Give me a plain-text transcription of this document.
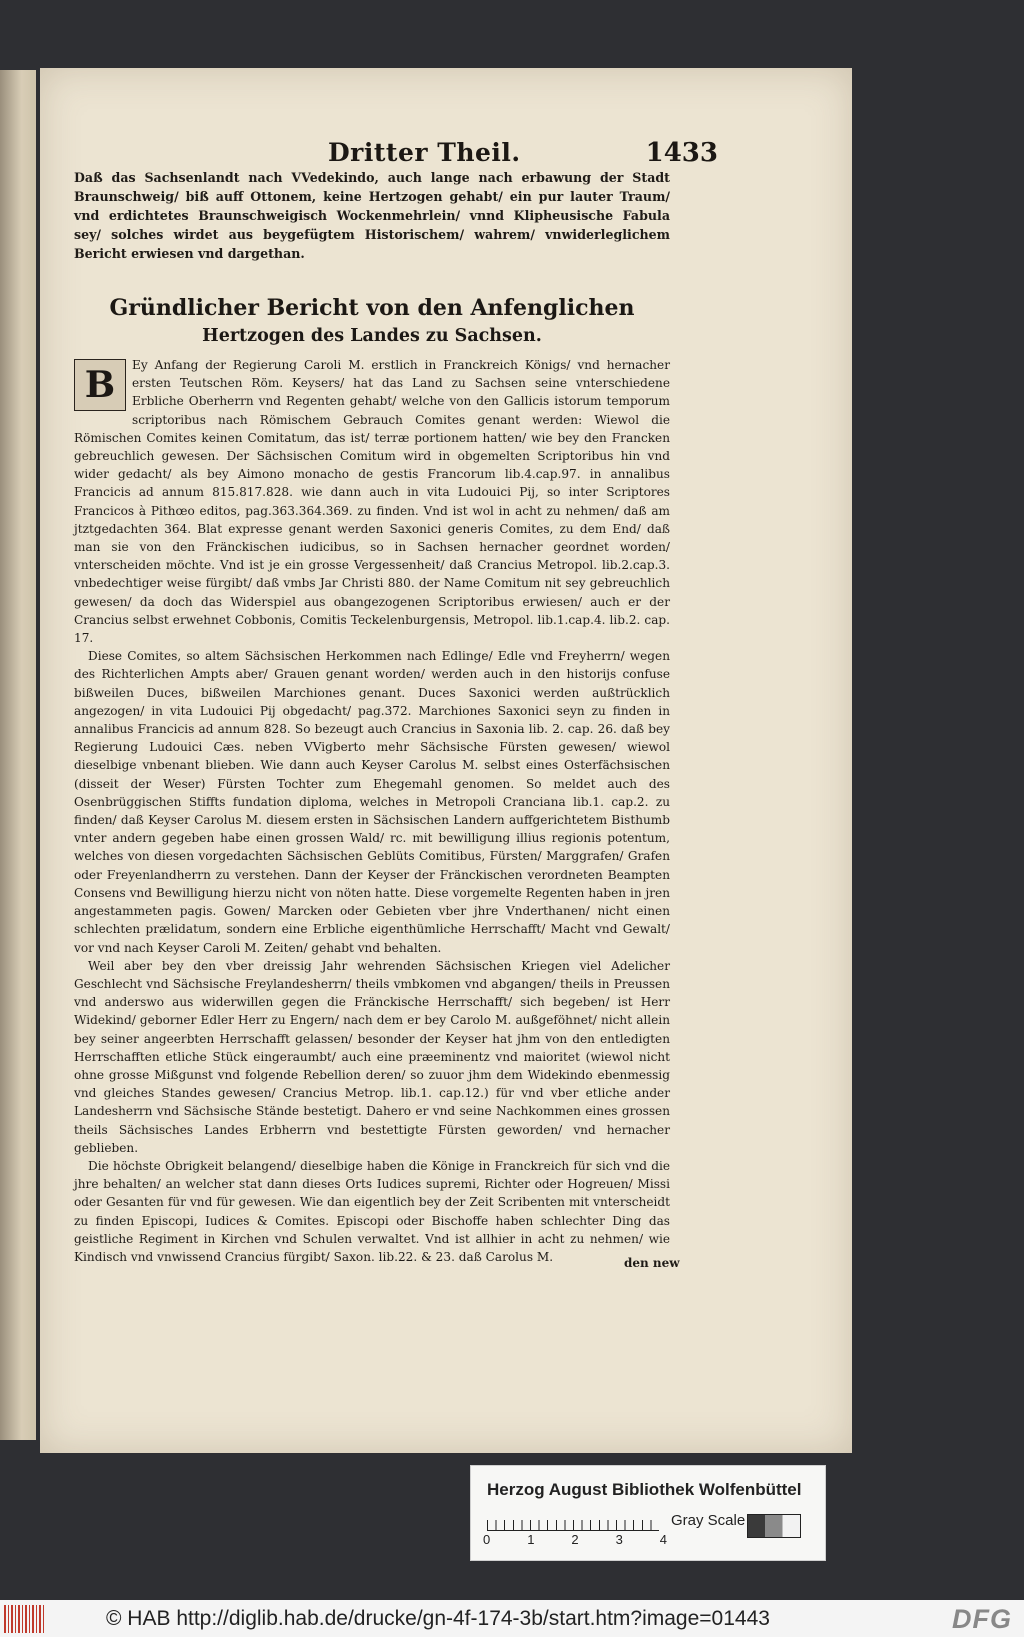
Dritter Theil.	1433
Daß das Sachsenlandt nach VVedekindo, auch lange nach erbawung der Stadt Braunschweig/ biß auff Ottonem, keine Hertzogen gehabt/ ein pur lauter Traum/ vnd erdichtetes Braunschweigisch Wockenmehrlein/ vnnd Klipheusische Fabula sey/ solches wirdet aus beygefügtem Historischem/ wahrem/ vnwiderleglichem Bericht erwiesen vnd dargethan.
Gründlicher Bericht von den Anfenglichen
Hertzogen des Landes zu Sachsen.

B	Ey Anfang der Regierung Caroli M. erstlich in Franckreich Königs/ vnd hernacher ersten Teutschen Röm. Keysers/ hat das Land zu Sachsen seine vnterschiedene Erbliche Oberherrn vnd Regenten gehabt/ welche von den Gallicis istorum temporum scriptoribus nach Römischem Gebrauch Comites genant werden: Wiewol die Römischen Comites keinen Comitatum, das ist/ terræ portionem hatten/ wie bey den Francken gebreuchlich gewesen. Der Sächsischen Comitum wird in obgemelten Scriptoribus hin vnd wider gedacht/ als bey Aimono monacho de gestis Francorum lib.4.cap.97. in annalibus Francicis ad annum 815.817.828. wie dann auch in vita Ludouici Pij, so inter Scriptores Francicos à Pithœo editos, pag.363.364.369. zu finden. Vnd ist wol in acht zu nehmen/ daß am jtztgedachten 364. Blat expresse genant werden Saxonici generis Comites, zu dem End/ daß man sie von den Fränckischen iudicibus, so in Sachsen hernacher geordnet worden/ vnterscheiden möchte. Vnd ist je ein grosse Vergessenheit/ daß Crancius Metropol. lib.2.cap.3. vnbedechtiger weise fürgibt/ daß vmbs Jar Christi 880. der Name Comitum nit sey gebreuchlich gewesen/ da doch das Widerspiel aus obangezogenen Scriptoribus erwiesen/ auch er der Crancius selbst erwehnet Cobbonis, Comitis Teckelenburgensis, Metropol. lib.1.cap.4. lib.2. cap. 17.

Diese Comites, so altem Sächsischen Herkommen nach Edlinge/ Edle vnd Freyherrn/ wegen des Richterlichen Ampts aber/ Grauen genant worden/ werden auch in den historijs confuse bißweilen Duces, bißweilen Marchiones genant. Duces Saxonici werden außtrücklich angezogen/ in vita Ludouici Pij obgedacht/ pag.372. Marchiones Saxonici seyn zu finden in annalibus Francicis ad annum 828. So bezeugt auch Crancius in Saxonia lib. 2. cap. 26. daß bey Regierung Ludouici Cæs. neben VVigberto mehr Sächsische Fürsten gewesen/ wiewol dieselbige vnbenant blieben. Wie dann auch Keyser Carolus M. selbst eines Osterfächsischen (disseit der Weser) Fürsten Tochter zum Ehegemahl genomen. So meldet auch des Osenbrüggischen Stiffts fundation diploma, welches in Metropoli Cranciana lib.1. cap.2. zu finden/ daß Keyser Carolus M. diesem ersten in Sächsischen Landern auffgerichtetem Bisthumb vnter andern gegeben habe einen grossen Wald/ rc. mit bewilligung illius regionis potentum, welches von diesen vorgedachten Sächsischen Geblüts Comitibus, Fürsten/ Marggrafen/ Grafen oder Freyenlandherrn zu verstehen. Dann der Keyser der Fränckischen verordneten Beampten Consens vnd Bewilligung hierzu nicht von nöten hatte. Diese vorgemelte Regenten haben in jren angestammeten pagis. Gowen/ Marcken oder Gebieten vber jhre Vnderthanen/ nicht einen schlechten prælidatum, sondern eine Erbliche eigenthümliche Herrschafft/ Macht vnd Gewalt/ vor vnd nach Keyser Caroli M. Zeiten/ gehabt vnd behalten.

Weil aber bey den vber dreissig Jahr wehrenden Sächsischen Kriegen viel Adelicher Geschlecht vnd Sächsische Freylandesherrn/ theils vmbkomen vnd abgangen/ theils in Preussen vnd anderswo aus widerwillen gegen die Fränckische Herrschafft/ sich begeben/ ist Herr Widekind/ geborner Edler Herr zu Engern/ nach dem er bey Carolo M. außgeföhnet/ nicht allein bey seiner angeerbten Herrschafft gelassen/ besonder der Keyser hat jhm von den entledigten Herrschafften etliche Stück eingeraumbt/ auch eine præeminentz vnd maioritet (wiewol nicht ohne grosse Mißgunst vnd folgende Rebellion deren/ so zuuor jhm dem Widekindo ebenmessig vnd gleiches Standes gewesen/ Crancius Metrop. lib.1. cap.12.) für vnd vber etliche ander Landesherrn vnd Sächsische Stände bestetigt. Dahero er vnd seine Nachkommen eines grossen theils Sächsisches Landes Erbherrn vnd bestettigte Fürsten geworden/ vnd hernacher geblieben.

Die höchste Obrigkeit belangend/ dieselbige haben die Könige in Franckreich für sich vnd die jhre behalten/ an welcher stat dann dieses Orts Iudices supremi, Richter oder Hogreuen/ Missi oder Gesanten für vnd für gewesen. Wie dan eigentlich bey der Zeit Scribenten mit vnterscheidt zu finden Episcopi, Iudices & Comites. Episcopi oder Bischoffe haben schlechter Ding das geistliche Regiment in Kirchen vnd Schulen verwaltet. Vnd ist allhier in acht zu nehmen/ wie Kindisch vnd vnwissend Crancius fürgibt/ Saxon. lib.22. & 23. daß Carolus M.	den new
Herzog August Bibliothek Wolfenbüttel
0	1	2	3	4
Gray Scale
© HAB http://diglib.hab.de/drucke/gn-4f-174-3b/start.htm?image=01443	DFG
